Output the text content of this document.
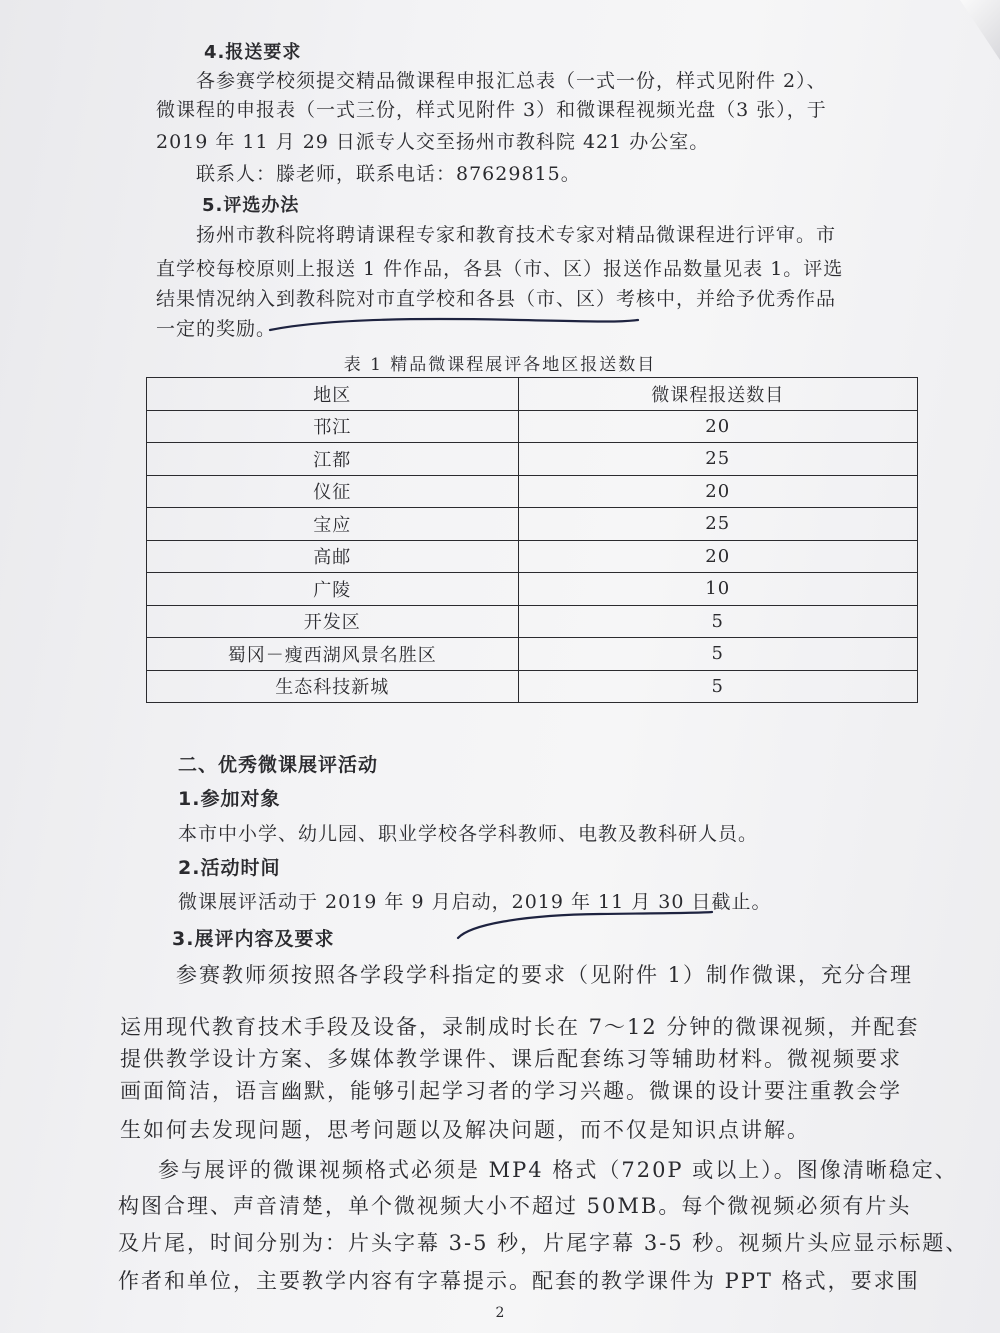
4.报送要求
各参赛学校须提交精品微课程申报汇总表（一式一份，样式见附件 2）、
微课程的申报表（一式三份，样式见附件 3）和微课程视频光盘（3 张），于
2019 年 11 月 29 日派专人交至扬州市教科院 421 办公室。
联系人：滕老师，联系电话：87629815。
5.评选办法
扬州市教科院将聘请课程专家和教育技术专家对精品微课程进行评审。市
直学校每校原则上报送 1 件作品，各县（市、区）报送作品数量见表 1。评选
结果情况纳入到教科院对市直学校和各县（市、区）考核中，并给予优秀作品
一定的奖励。
表 1 精品微课程展评各地区报送数目
地区	微课程报送数目
邗江	20
江都	25
仪征	20
宝应	25
高邮	20
广陵	10
开发区	5
蜀冈－瘦西湖风景名胜区	5
生态科技新城	5
二、优秀微课展评活动
1.参加对象
本市中小学、幼儿园、职业学校各学科教师、电教及教科研人员。
2.活动时间
微课展评活动于 2019 年 9 月启动，2019 年 11 月 30 日截止。
3.展评内容及要求
参赛教师须按照各学段学科指定的要求（见附件 1）制作微课，充分合理
运用现代教育技术手段及设备，录制成时长在 7～12 分钟的微课视频，并配套
提供教学设计方案、多媒体教学课件、课后配套练习等辅助材料。微视频要求
画面简洁，语言幽默，能够引起学习者的学习兴趣。微课的设计要注重教会学
生如何去发现问题，思考问题以及解决问题，而不仅是知识点讲解。
参与展评的微课视频格式必须是 MP4 格式（720P 或以上）。图像清晰稳定、
构图合理、声音清楚，单个微视频大小不超过 50MB。每个微视频必须有片头
及片尾，时间分别为：片头字幕 3-5 秒，片尾字幕 3-5 秒。视频片头应显示标题、
作者和单位，主要教学内容有字幕提示。配套的教学课件为 PPT 格式，要求围
2
